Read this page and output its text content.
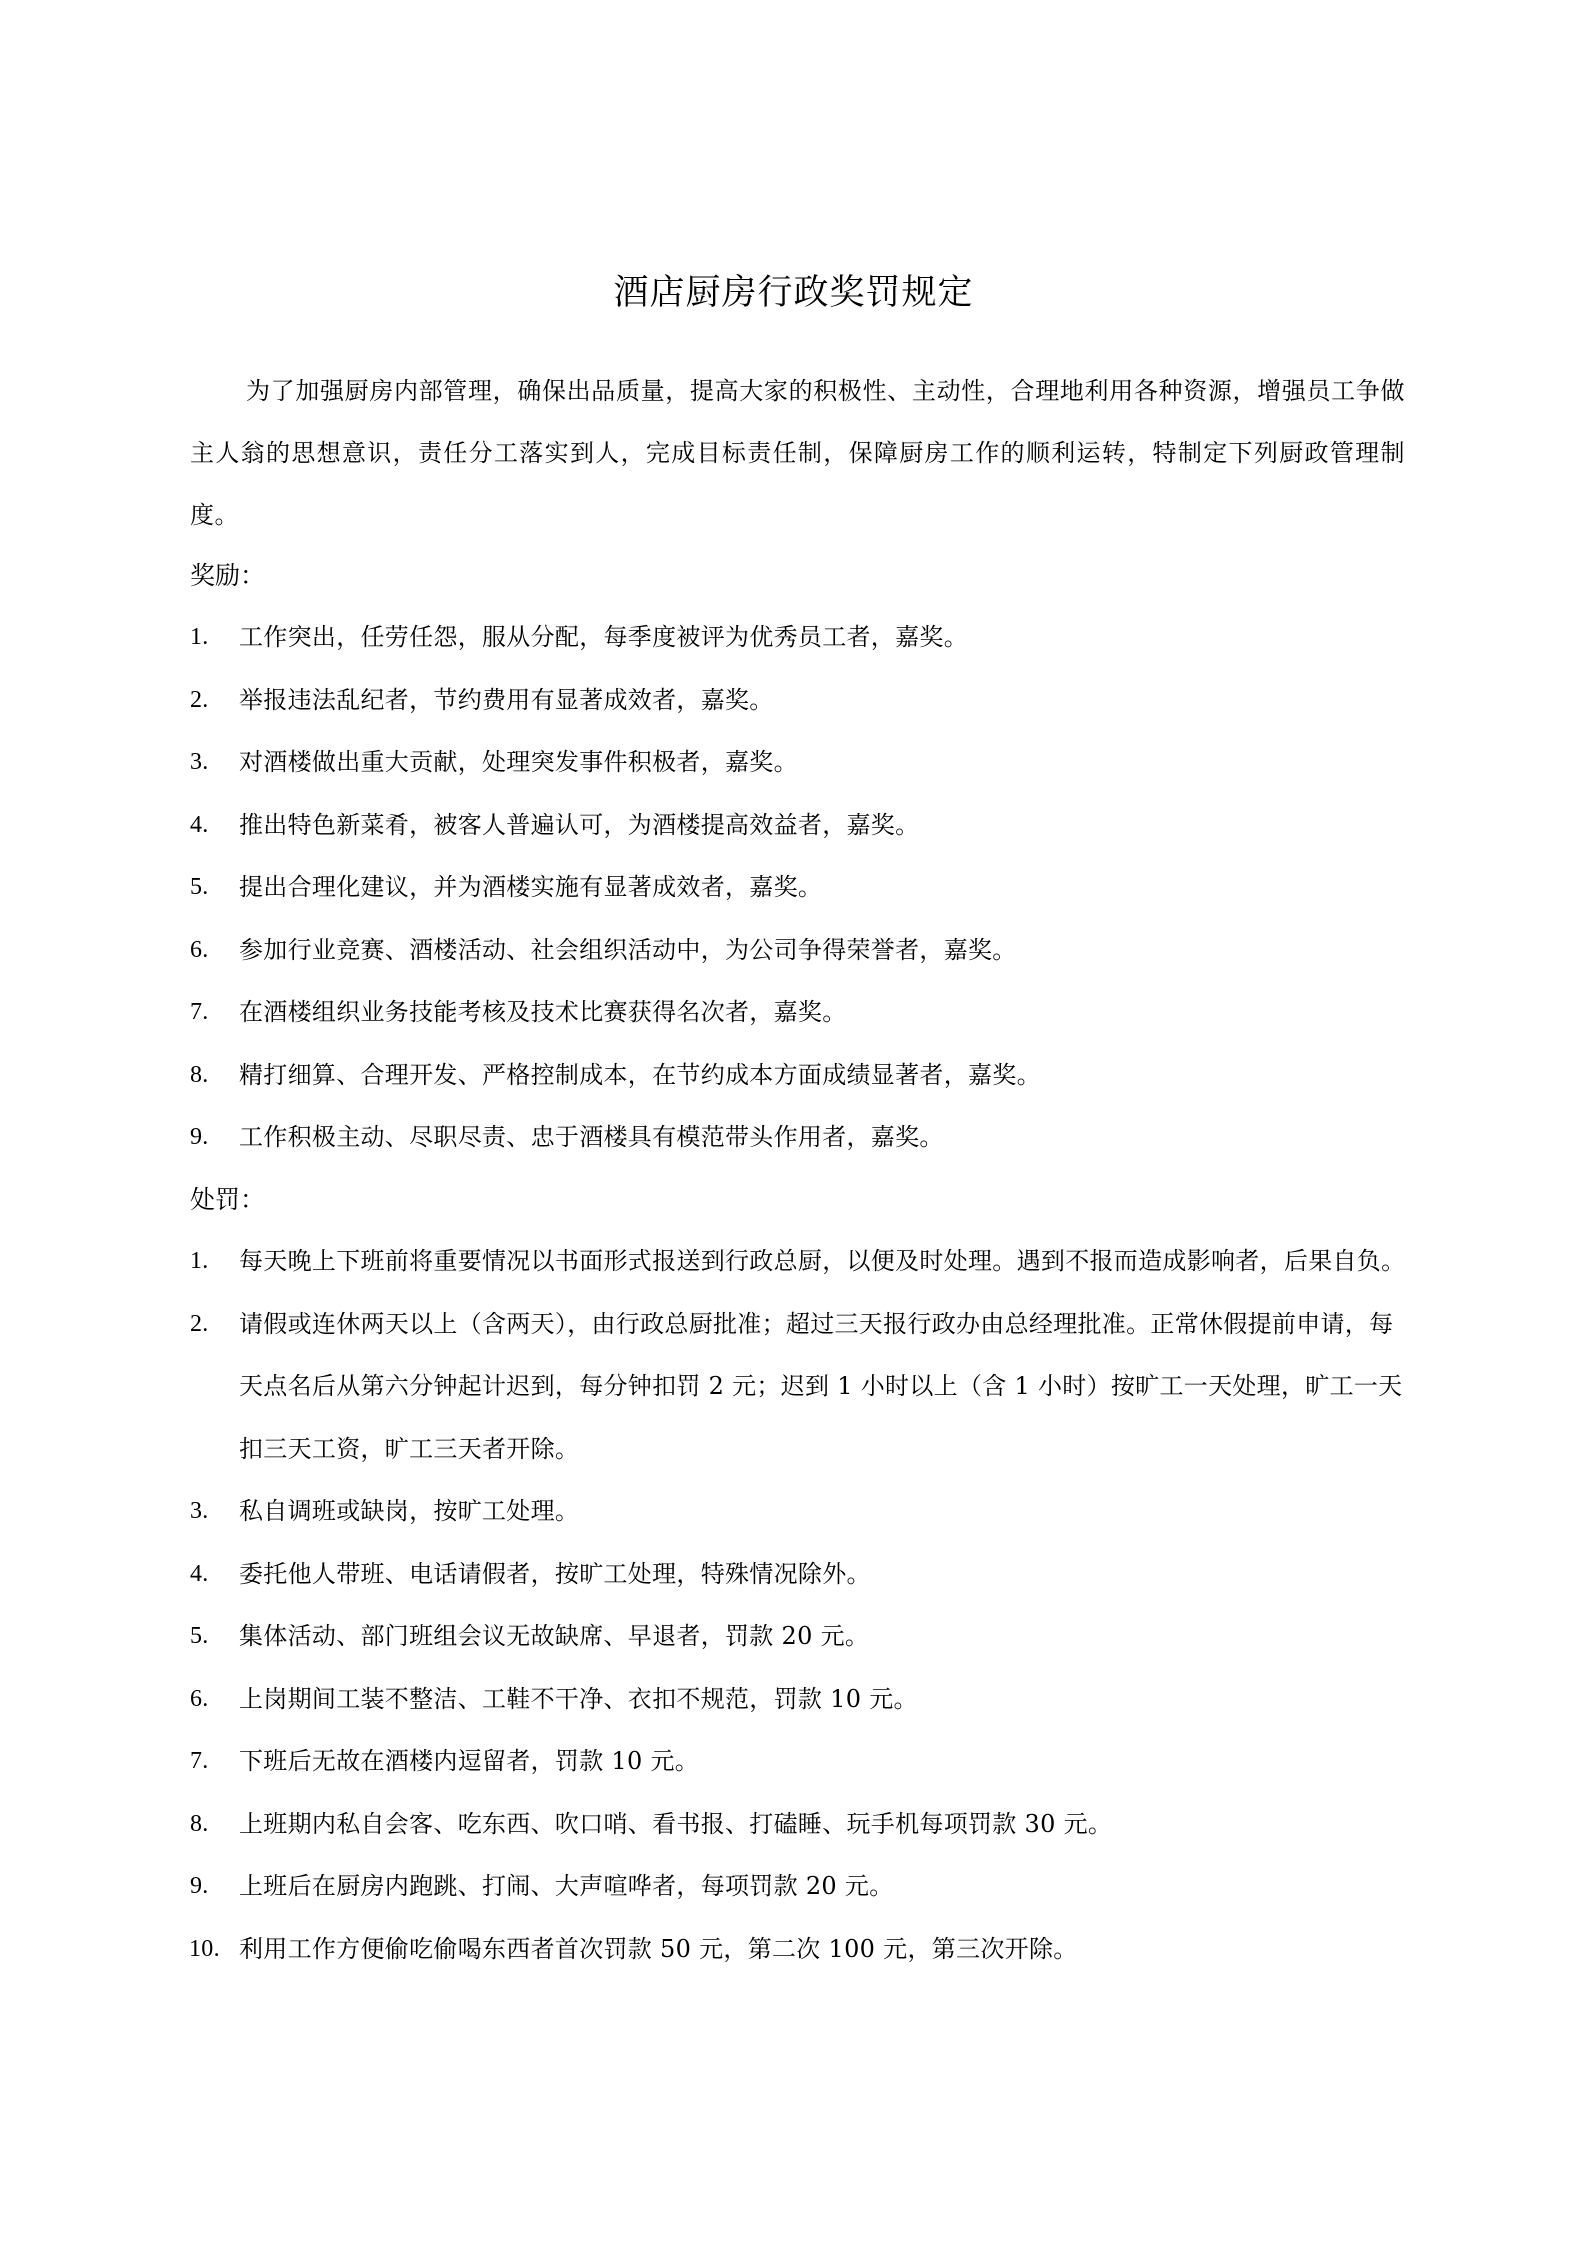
酒店厨房行政奖罚规定
为了加强厨房内部管理，确保出品质量，提高大家的积极性、主动性，合理地利用各种资源，增强员工争做主人翁的思想意识，责任分工落实到人，完成目标责任制，保障厨房工作的顺利运转，特制定下列厨政管理制度。
奖励：
1. 工作突出，任劳任怨，服从分配，每季度被评为优秀员工者，嘉奖。
2. 举报违法乱纪者，节约费用有显著成效者，嘉奖。
3. 对酒楼做出重大贡献，处理突发事件积极者，嘉奖。
4. 推出特色新菜肴，被客人普遍认可，为酒楼提高效益者，嘉奖。
5. 提出合理化建议，并为酒楼实施有显著成效者，嘉奖。
6. 参加行业竞赛、酒楼活动、社会组织活动中，为公司争得荣誉者，嘉奖。
7. 在酒楼组织业务技能考核及技术比赛获得名次者，嘉奖。
8. 精打细算、合理开发、严格控制成本，在节约成本方面成绩显著者，嘉奖。
9. 工作积极主动、尽职尽责、忠于酒楼具有模范带头作用者，嘉奖。
处罚：
1. 每天晚上下班前将重要情况以书面形式报送到行政总厨，以便及时处理。遇到不报而造成影响者，后果自负。
2. 请假或连休两天以上（含两天），由行政总厨批准；超过三天报行政办由总经理批准。正常休假提前申请，每天点名后从第六分钟起计迟到，每分钟扣罚 2 元；迟到 1 小时以上（含 1 小时）按旷工一天处理，旷工一天扣三天工资，旷工三天者开除。
3. 私自调班或缺岗，按旷工处理。
4. 委托他人带班、电话请假者，按旷工处理，特殊情况除外。
5. 集体活动、部门班组会议无故缺席、早退者，罚款 20 元。
6. 上岗期间工装不整洁、工鞋不干净、衣扣不规范，罚款 10 元。
7. 下班后无故在酒楼内逗留者，罚款 10 元。
8. 上班期内私自会客、吃东西、吹口哨、看书报、打磕睡、玩手机每项罚款 30 元。
9. 上班后在厨房内跑跳、打闹、大声喧哗者，每项罚款 20 元。
10. 利用工作方便偷吃偷喝东西者首次罚款 50 元，第二次 100 元，第三次开除。
